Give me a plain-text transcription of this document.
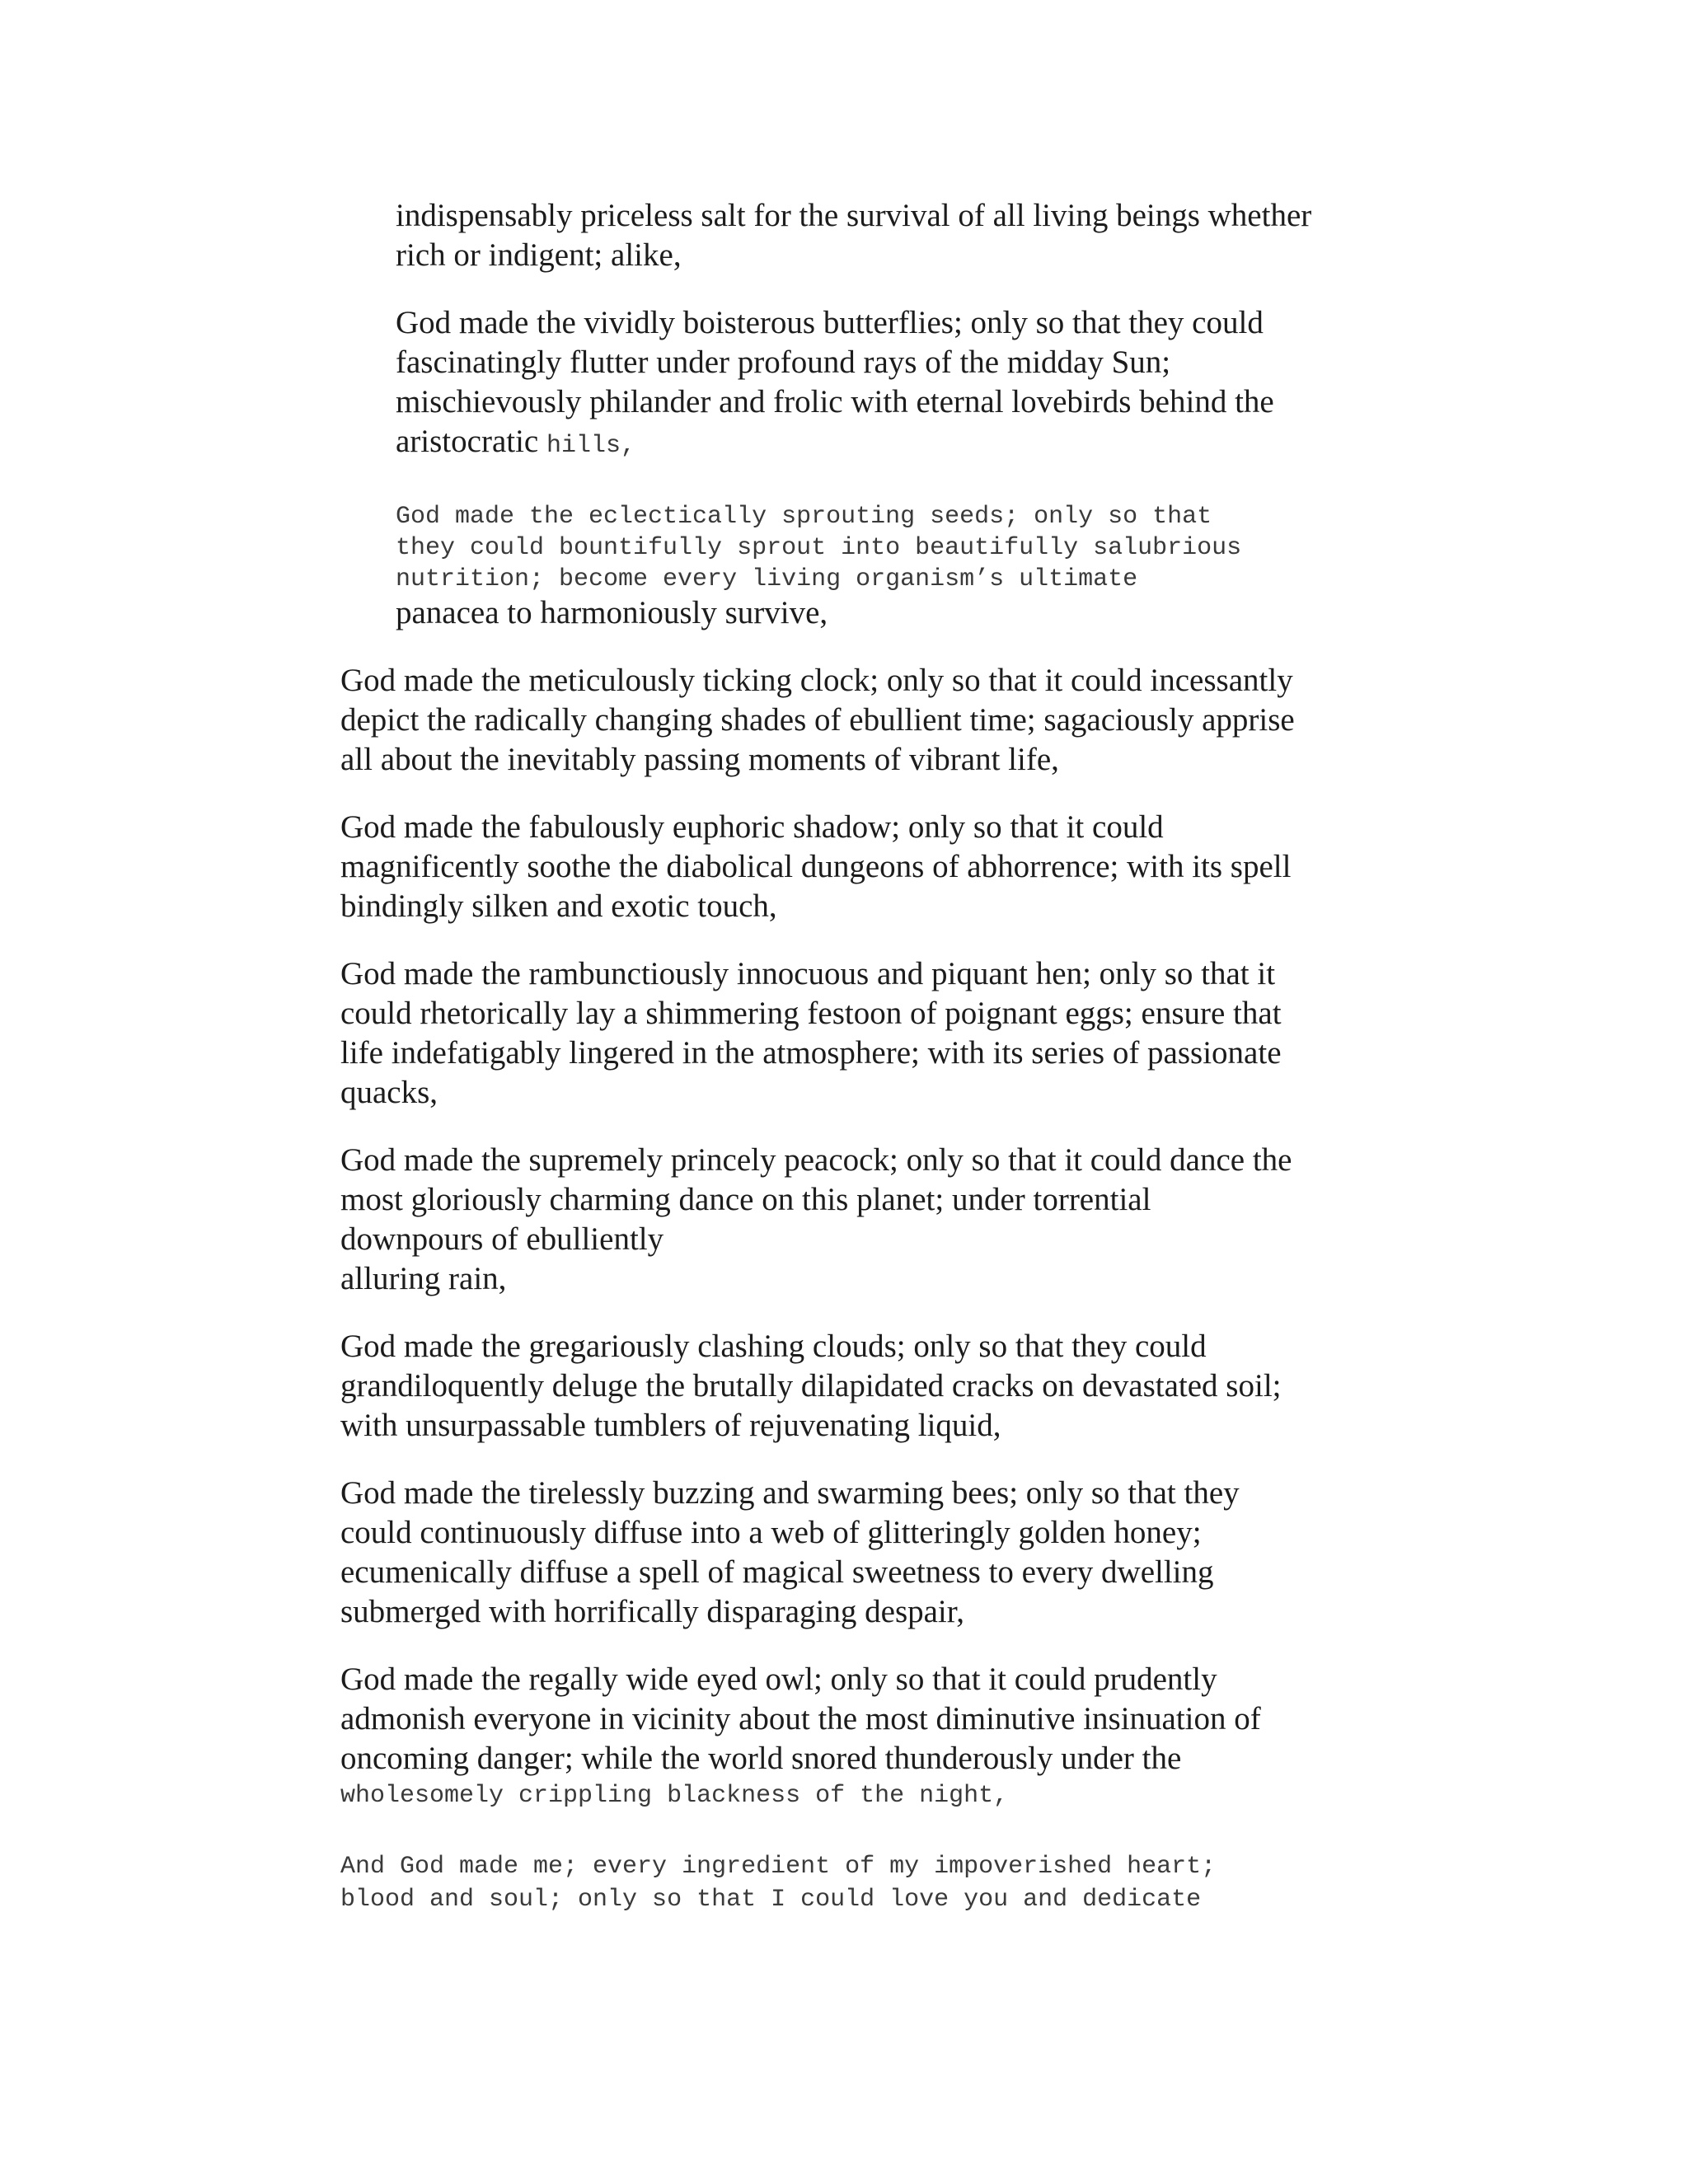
indispensably priceless salt for the survival of all living beings whether

rich or indigent; alike,

God made the vividly boisterous butterflies; only so that they could

fascinatingly flutter under profound rays of the midday Sun;

mischievously philander and frolic with eternal lovebirds behind the

aristocratic hills,

God made the eclectically sprouting seeds; only so that

they could bountifully sprout into beautifully salubrious

nutrition; become every living organism’s ultimate

panacea to harmoniously survive,

God made the meticulously ticking clock; only so that it could incessantly

depict the radically changing shades of ebullient time; sagaciously apprise

all about the inevitably passing moments of vibrant life,

God made the fabulously euphoric shadow; only so that it could

magnificently soothe the diabolical dungeons of abhorrence; with its spell

bindingly silken and exotic touch,

God made the rambunctiously innocuous and piquant hen; only so that it

could rhetorically lay a shimmering festoon of poignant eggs; ensure that

life indefatigably lingered in the atmosphere; with its series of passionate

quacks,

God made the supremely princely peacock; only so that it could dance the

most gloriously charming dance on this planet; under torrential

downpours of ebulliently

alluring rain,

God made the gregariously clashing clouds; only so that they could

grandiloquently deluge the brutally dilapidated cracks on devastated soil;

with unsurpassable tumblers of rejuvenating liquid,

God made the tirelessly buzzing and swarming bees; only so that they

could continuously diffuse into a web of glitteringly golden honey;

ecumenically diffuse a spell of magical sweetness to every dwelling

submerged with horrifically disparaging despair,

God made the regally wide eyed owl; only so that it could prudently

admonish everyone in vicinity about the most diminutive insinuation of

oncoming danger; while the world snored thunderously under the

wholesomely crippling blackness of the night,

And God made me; every ingredient of my impoverished heart;

blood and soul; only so that I could love you and dedicate
